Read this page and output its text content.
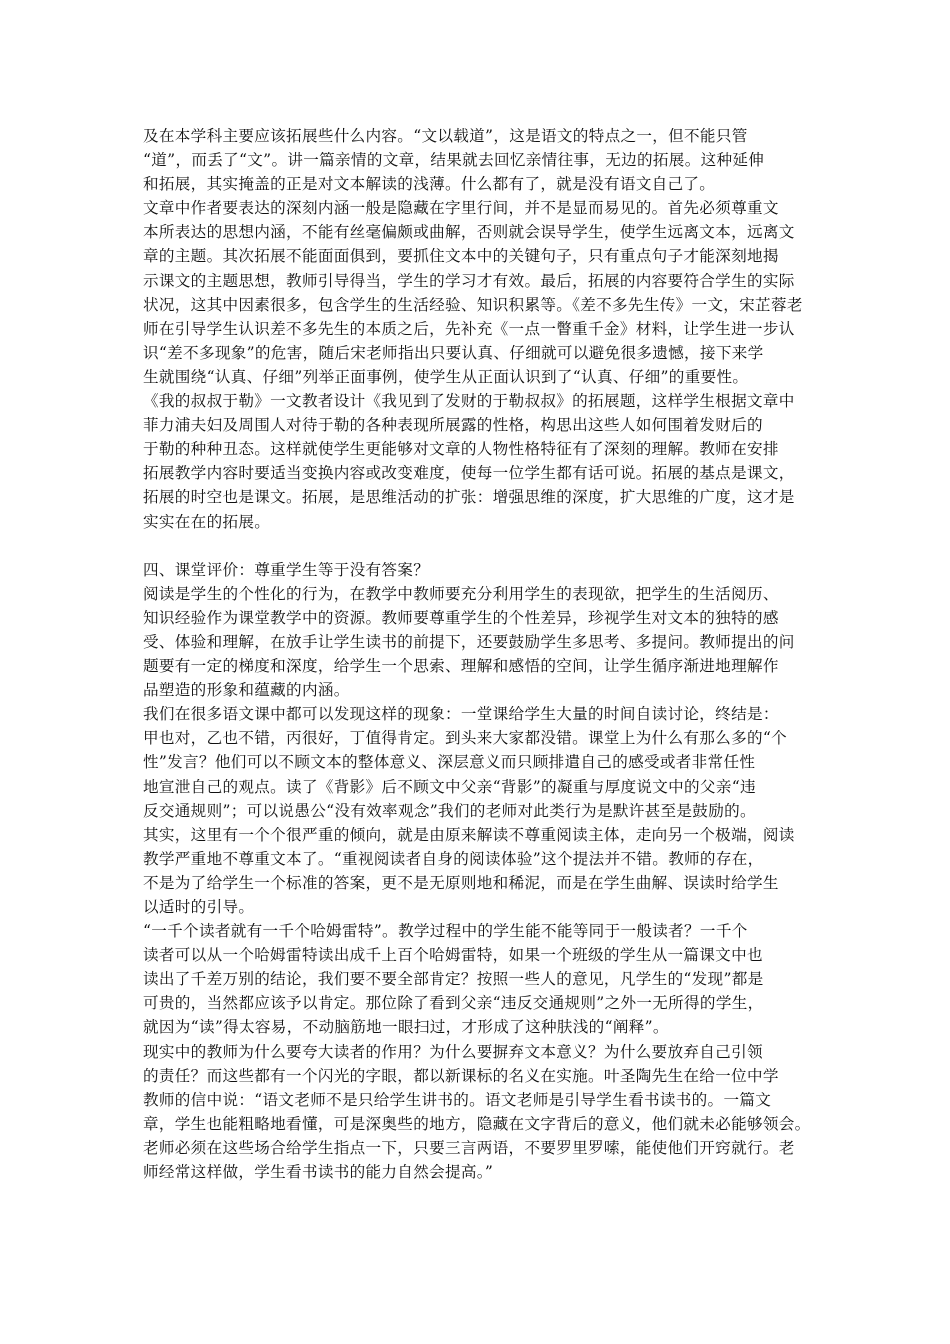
及在本学科主要应该拓展些什么内容。“文以载道”，这是语文的特点之一，但不能只管
“道”，而丢了“文”。讲一篇亲情的文章，结果就去回忆亲情往事，无边的拓展。这种延伸
和拓展，其实掩盖的正是对文本解读的浅薄。什么都有了，就是没有语文自己了。
文章中作者要表达的深刻内涵一般是隐藏在字里行间，并不是显而易见的。首先必须尊重文
本所表达的思想内涵，不能有丝毫偏颇或曲解，否则就会误导学生，使学生远离文本，远离文
章的主题。其次拓展不能面面俱到，要抓住文本中的关键句子，只有重点句子才能深刻地揭
示课文的主题思想，教师引导得当，学生的学习才有效。最后，拓展的内容要符合学生的实际
状况，这其中因素很多，包含学生的生活经验、知识积累等。《差不多先生传》一文，宋芷蓉老
师在引导学生认识差不多先生的本质之后，先补充《一点一瞥重千金》材料，让学生进一步认
识“差不多现象”的危害，随后宋老师指出只要认真、仔细就可以避免很多遗憾，接下来学
生就围绕“认真、仔细”列举正面事例，使学生从正面认识到了“认真、仔细”的重要性。
《我的叔叔于勒》一文教者设计《我见到了发财的于勒叔叔》的拓展题，这样学生根据文章中
菲力浦夫妇及周围人对待于勒的各种表现所展露的性格，构思出这些人如何围着发财后的
于勒的种种丑态。这样就使学生更能够对文章的人物性格特征有了深刻的理解。教师在安排
拓展教学内容时要适当变换内容或改变难度，使每一位学生都有话可说。拓展的基点是课文，
拓展的时空也是课文。拓展，是思维活动的扩张：增强思维的深度，扩大思维的广度，这才是
实实在在的拓展。
四、课堂评价：尊重学生等于没有答案？
阅读是学生的个性化的行为，在教学中教师要充分利用学生的表现欲，把学生的生活阅历、
知识经验作为课堂教学中的资源。教师要尊重学生的个性差异，珍视学生对文本的独特的感
受、体验和理解，在放手让学生读书的前提下，还要鼓励学生多思考、多提问。教师提出的问
题要有一定的梯度和深度，给学生一个思索、理解和感悟的空间，让学生循序渐进地理解作
品塑造的形象和蕴藏的内涵。
我们在很多语文课中都可以发现这样的现象：一堂课给学生大量的时间自读讨论，终结是：
甲也对，乙也不错，丙很好，丁值得肯定。到头来大家都没错。课堂上为什么有那么多的“个
性”发言？他们可以不顾文本的整体意义、深层意义而只顾排遣自己的感受或者非常任性
地宣泄自己的观点。读了《背影》后不顾文中父亲“背影”的凝重与厚度说文中的父亲“违
反交通规则”；可以说愚公“没有效率观念”我们的老师对此类行为是默许甚至是鼓励的。
其实，这里有一个个很严重的倾向，就是由原来解读不尊重阅读主体，走向另一个极端，阅读
教学严重地不尊重文本了。“重视阅读者自身的阅读体验”这个提法并不错。教师的存在，
不是为了给学生一个标准的答案，更不是无原则地和稀泥，而是在学生曲解、误读时给学生
以适时的引导。
“一千个读者就有一千个哈姆雷特”。教学过程中的学生能不能等同于一般读者？一千个
读者可以从一个哈姆雷特读出成千上百个哈姆雷特，如果一个班级的学生从一篇课文中也
读出了千差万别的结论，我们要不要全部肯定？按照一些人的意见，凡学生的“发现”都是
可贵的，当然都应该予以肯定。那位除了看到父亲“违反交通规则”之外一无所得的学生，
就因为“读”得太容易，不动脑筋地一眼扫过，才形成了这种肤浅的“阐释”。
现实中的教师为什么要夸大读者的作用？为什么要摒弃文本意义？为什么要放弃自己引领
的责任？而这些都有一个闪光的字眼，都以新课标的名义在实施。叶圣陶先生在给一位中学
教师的信中说：“语文老师不是只给学生讲书的。语文老师是引导学生看书读书的。一篇文
章，学生也能粗略地看懂，可是深奥些的地方，隐藏在文字背后的意义，他们就未必能够领会。
老师必须在这些场合给学生指点一下，只要三言两语，不要罗里罗嗦，能使他们开窍就行。老
师经常这样做，学生看书读书的能力自然会提高。”
